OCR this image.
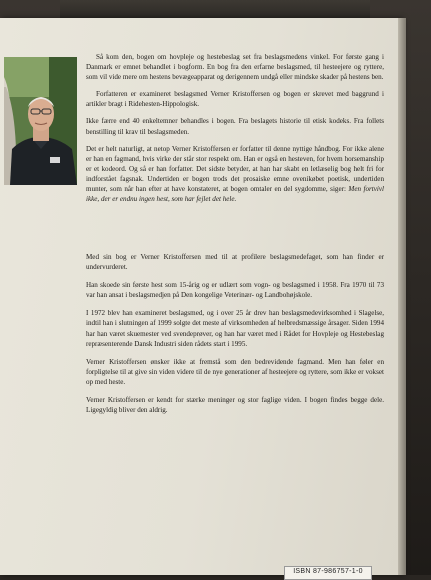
Så kom den, bogen om hovpleje og hestebeslag set fra beslagsmedens vinkel. For første gang i Danmark er emnet behandlet i bogform. En bog fra den erfarne beslagsmed, til hesteejere og ryttere, som vil vide mere om hestens bevægeapparat og derigennem undgå eller mindske skader på hestens ben.

Forfatteren er examineret beslagsmed Verner Kristoffersen og bogen er skrevet med baggrund i artikler bragt i Ridehesten-Hippologisk.

Ikke færre end 40 enkeltemner behandles i bogen. Fra beslagets historie til etisk kodeks. Fra follets benstilling til krav til beslagsmeden.

Det er helt naturligt, at netop Verner Kristoffersen er forfatter til denne nyttige håndbog. For ikke alene er han en fagmand, hvis virke der står stor respekt om. Han er også en hesteven, for hvem horsemanship er et kodeord. Og så er han forfatter. Det sidste betyder, at han har skabt en letlæselig bog helt fri for indforstået fagsnak. Undertiden er bogen trods det prosaiske emne ovenikøbet poetisk, undertiden munter, som når han efter at have konstateret, at bogen omtaler en del sygdomme, siger: Men fortvivl ikke, der er endnu ingen hest, som har fejlet det hele.

Med sin bog er Verner Kristoffersen med til at profilere beslagsmedefaget, som han finder er undervurderet.

Han skoede sin første hest som 15-årig og er udlært som vogn- og beslagsmed i 1958. Fra 1970 til 73 var han ansat i beslagsmedjen på Den kongelige Veterinær- og Landbohøjskole.

I 1972 blev han examineret beslagsmed, og i over 25 år drev han beslagsmedevirksomhed i Slagelse, indtil han i slutningen af 1999 solgte det meste af virksomheden af helbredsmæssige årsager. Siden 1994 har han været skuemester ved svendeprøver, og han har været med i Rådet for Hovpleje og Hestebeslag repræsenterende Dansk Industri siden rådets start i 1995.

Verner Kristoffersen ønsker ikke at fremstå som den bedrevidende fagmand. Men han føler en forpligtelse til at give sin viden videre til de nye generationer af hesteejere og ryttere, som ikke er vokset op med heste.

Verner Kristoffersen er kendt for stærke meninger og stor faglige viden. I bogen findes begge dele. Ligegyldig bliver den aldrig.

ISBN 87-986757-1-0
